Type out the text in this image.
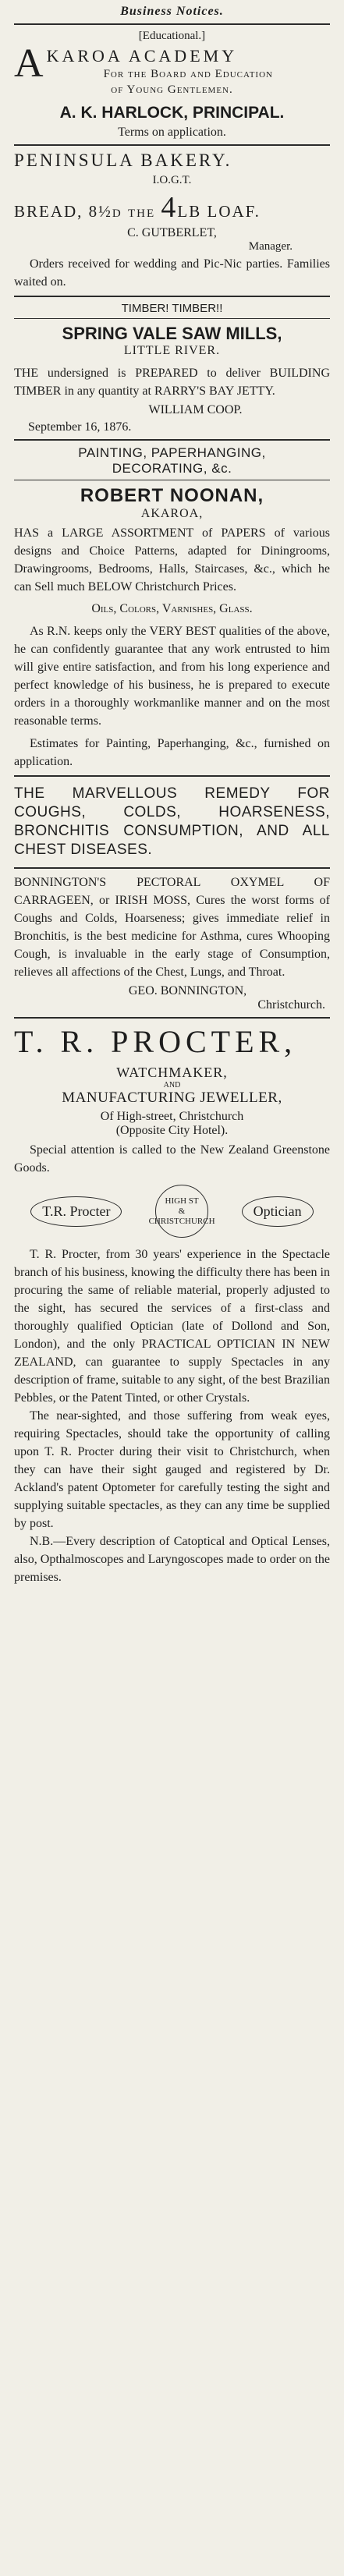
Business Notices.
[Educational.]
A KAROA ACADEMY
For the Board and Education
of Young Gentlemen.
A. K. HARLOCK, PRINCIPAL.
Terms on application.
PENINSULA BAKERY.
I.O.G.T.
BREAD, 8½d the 4LB LOAF.
C. GUTBERLET,
Manager.

Orders received for wedding and Pic-Nic parties. Families waited on.

TIMBER! TIMBER!!
SPRING VALE SAW MILLS,
LITTLE RIVER.

THE undersigned is PREPARED to deliver BUILDING TIMBER in any quantity at RARRY'S BAY JETTY.

WILLIAM COOP.
September 16, 1876.
PAINTING, PAPERHANGING,
DECORATING, &c.
ROBERT NOONAN,
AKAROA,

HAS a LARGE ASSORTMENT of PAPERS of various designs and Choice Patterns, adapted for Diningrooms, Drawingrooms, Bedrooms, Halls, Staircases, &c., which he can Sell much BELOW Christchurch Prices.

Oils, Colors, Varnishes, Glass.

As R.N. keeps only the VERY BEST qualities of the above, he can confidently guarantee that any work entrusted to him will give entire satisfaction, and from his long experience and perfect knowledge of his business, he is prepared to execute orders in a thoroughly workmanlike manner and on the most reasonable terms.

Estimates for Painting, Paperhanging, &c., furnished on application.

THE MARVELLOUS REMEDY FOR COUGHS, COLDS, HOARSENESS, BRONCHITIS CONSUMPTION, AND ALL CHEST DISEASES.

BONNINGTON'S PECTORAL OXYMEL OF CARRAGEEN, or IRISH MOSS, Cures the worst forms of Coughs and Colds, Hoarseness; gives immediate relief in Bronchitis, is the best medicine for Asthma, cures Whooping Cough, is invaluable in the early stage of Consumption, relieves all affections of the Chest, Lungs, and Throat.

GEO. BONNINGTON,
Christchurch.
T. R. PROCTER,
WATCHMAKER,
AND
MANUFACTURING JEWELLER,
Of High-street, Christchurch
(Opposite City Hotel).

Special attention is called to the New Zealand Greenstone Goods.

T.R. Procter
HIGH ST
&
CHRISTCHURCH
Optician

T. R. Procter, from 30 years' experience in the Spectacle branch of his business, knowing the difficulty there has been in procuring the same of reliable material, properly adjusted to the sight, has secured the services of a first-class and thoroughly qualified Optician (late of Dollond and Son, London), and the only PRACTICAL OPTICIAN IN NEW ZEALAND, can guarantee to supply Spectacles in any description of frame, suitable to any sight, of the best Brazilian Pebbles, or the Patent Tinted, or other Crystals.

The near-sighted, and those suffering from weak eyes, requiring Spectacles, should take the opportunity of calling upon T. R. Procter during their visit to Christchurch, when they can have their sight gauged and registered by Dr. Ackland's patent Optometer for carefully testing the sight and supplying suitable spectacles, as they can any time be supplied by post.

N.B.—Every description of Catoptical and Optical Lenses, also, Opthalmoscopes and Laryngoscopes made to order on the premises.
